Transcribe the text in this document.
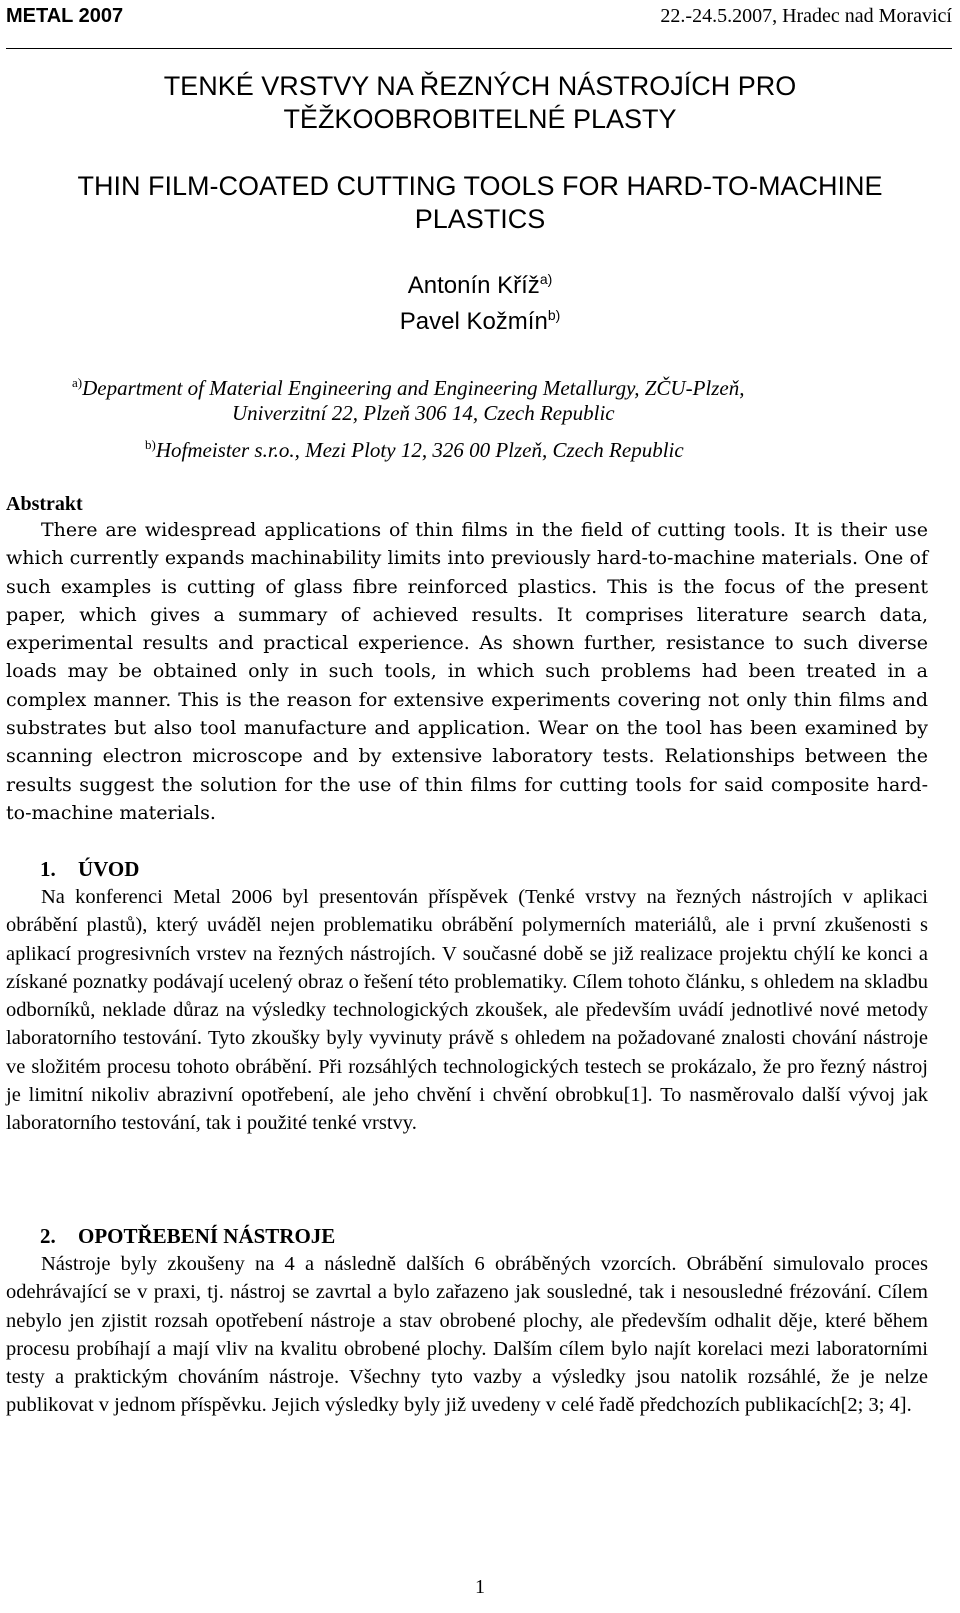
METAL 2007	22.-24.5.2007, Hradec nad Moravicí
TENKÉ VRSTVY NA ŘEZNÝCH NÁSTROJÍCH PRO
TĚŽKOOBROBITELNÉ PLASTY
THIN FILM-COATED CUTTING TOOLS FOR HARD-TO-MACHINE
PLASTICS
Antonín Kříž$^{a)}$
Pavel Kožmín$^{b)}$
$^{a)}$Department of Material Engineering and Engineering Metallurgy, ZČU-Plzeň,
Univerzitní 22, Plzeň 306 14, Czech Republic
$^{b)}$Hofmeister s.r.o., Mezi Ploty 12, 326 00 Plzeň, Czech Republic
Abstrakt
There are widespread applications of thin films in the field of cutting tools. It is their use which currently expands machinability limits into previously hard-to-machine materials. One of such examples is cutting of glass fibre reinforced plastics. This is the focus of the present paper, which gives a summary of achieved results. It comprises literature search data, experimental results and practical experience. As shown further, resistance to such diverse loads may be obtained only in such tools, in which such problems had been treated in a complex manner. This is the reason for extensive experiments covering not only thin films and substrates but also tool manufacture and application. Wear on the tool has been examined by scanning electron microscope and by extensive laboratory tests. Relationships between the results suggest the solution for the use of thin films for cutting tools for said composite hard-to-machine materials.
1. ÚVOD
Na konferenci Metal 2006 byl presentován příspěvek (Tenké vrstvy na řezných nástrojích v aplikaci obrábění plastů), který uváděl nejen problematiku obrábění polymerních materiálů, ale i první zkušenosti s aplikací progresivních vrstev na řezných nástrojích. V současné době se již realizace projektu chýlí ke konci a získané poznatky podávají ucelený obraz o řešení této problematiky. Cílem tohoto článku, s ohledem na skladbu odborníků, neklade důraz na výsledky technologických zkoušek, ale především uvádí jednotlivé nové metody laboratorního testování. Tyto zkoušky byly vyvinuty právě s ohledem na požadované znalosti chování nástroje ve složitém procesu tohoto obrábění. Při rozsáhlých technologických testech se prokázalo, že pro řezný nástroj je limitní nikoliv abrazivní opotřebení, ale jeho chvění i chvění obrobku[1]. To nasměrovalo další vývoj jak laboratorního testování, tak i použité tenké vrstvy.
2. OPOTŘEBENÍ NÁSTROJE
Nástroje byly zkoušeny na 4 a následně dalších 6 obráběných vzorcích. Obrábění simulovalo proces odehrávající se v praxi, tj. nástroj se zavrtal a bylo zařazeno jak sousledné, tak i nesousledné frézování. Cílem nebylo jen zjistit rozsah opotřebení nástroje a stav obrobené plochy, ale především odhalit děje, které během procesu probíhají a mají vliv na kvalitu obrobené plochy. Dalším cílem bylo najít korelaci mezi laboratorními testy a praktickým chováním nástroje. Všechny tyto vazby a výsledky jsou natolik rozsáhlé, že je nelze publikovat v jednom příspěvku. Jejich výsledky byly již uvedeny v celé řadě předchozích publikacích[2; 3; 4].
1
